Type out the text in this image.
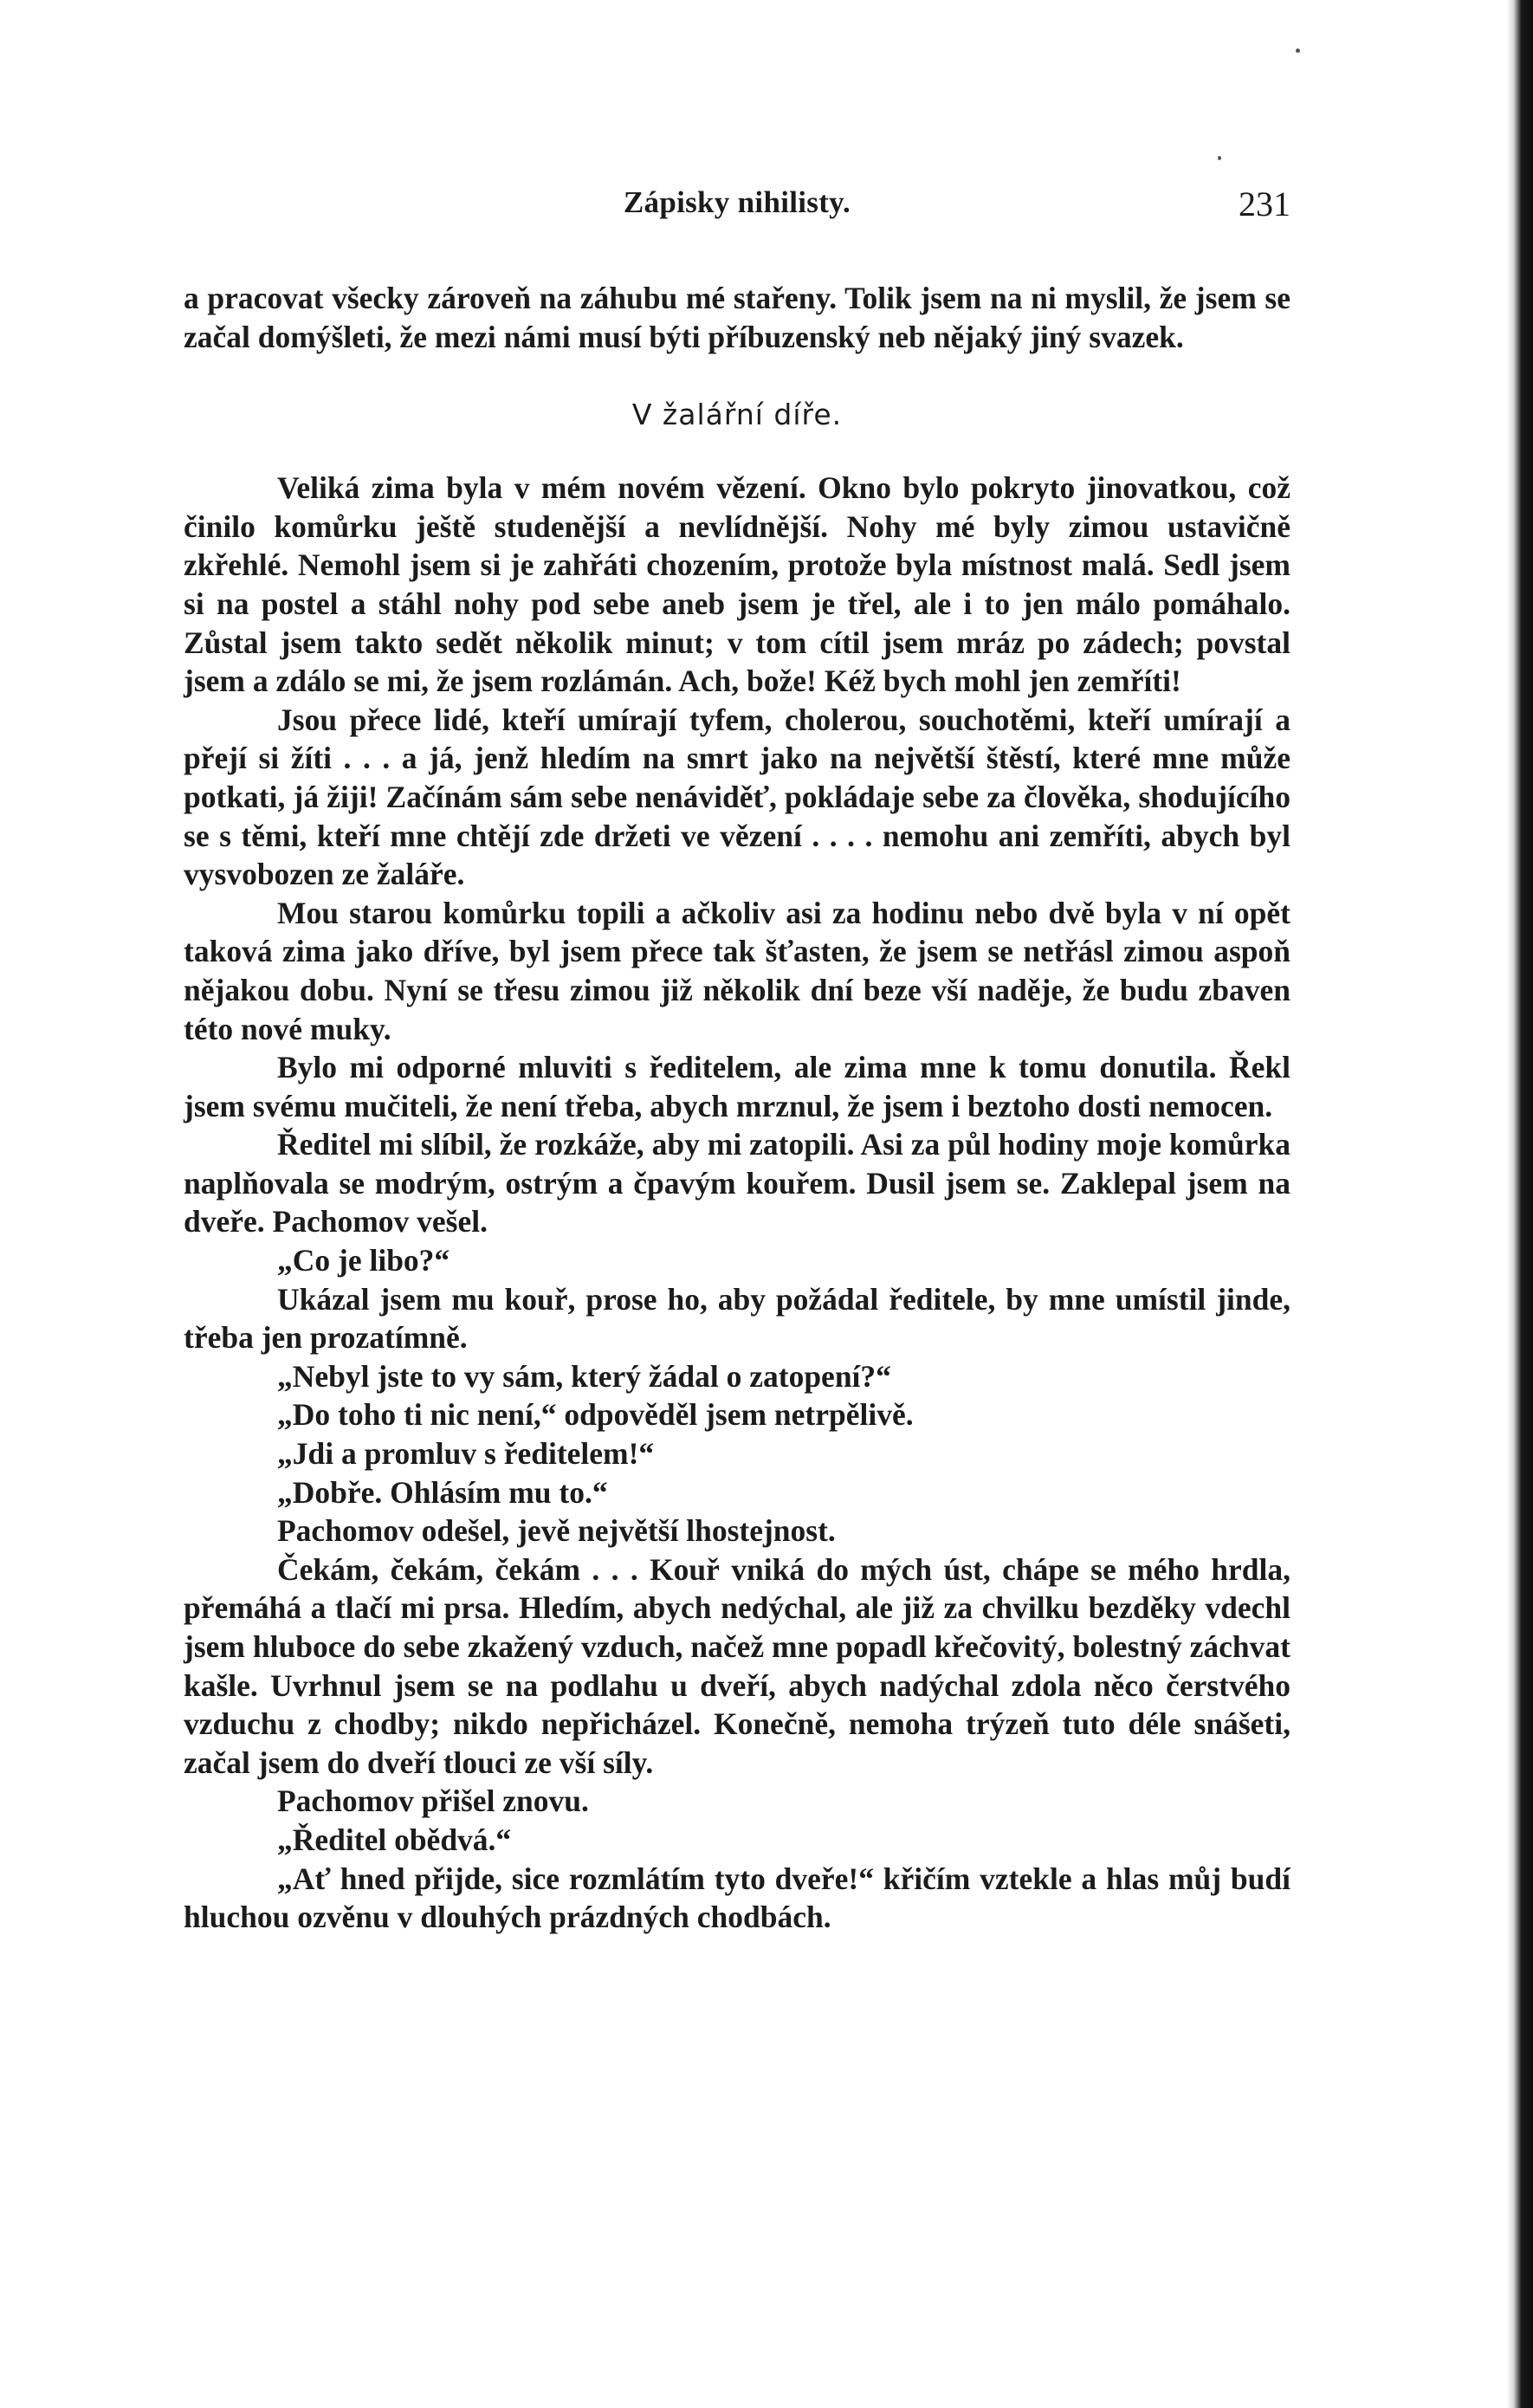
Zápisky nihilisty.	231

a pracovat všecky zároveň na záhubu mé stařeny. Tolik jsem na ni myslil, že jsem se začal domýšleti, že mezi námi musí býti příbuzenský neb nějaký jiný svazek.

V žalářní díře.

Veliká zima byla v mém novém vězení. Okno bylo pokryto jinovatkou, což činilo komůrku ještě studenější a nevlídnější. Nohy mé byly zimou ustavičně zkřehlé. Nemohl jsem si je zahřáti chozením, protože byla místnost malá. Sedl jsem si na postel a stáhl nohy pod sebe aneb jsem je třel, ale i to jen málo pomáhalo. Zůstal jsem takto sedět několik minut; v tom cítil jsem mráz po zádech; povstal jsem a zdálo se mi, že jsem rozlámán. Ach, bože! Kéž bych mohl jen zemříti!

Jsou přece lidé, kteří umírají tyfem, cholerou, souchotěmi, kteří umírají a přejí si žíti . . . a já, jenž hledím na smrt jako na největší štěstí, které mne může potkati, já žiji! Začínám sám sebe nenáviděť, pokládaje sebe za člověka, shodujícího se s těmi, kteří mne chtějí zde držeti ve vězení . . . . nemohu ani zemříti, abych byl vysvobozen ze žaláře.

Mou starou komůrku topili a ačkoliv asi za hodinu nebo dvě byla v ní opět taková zima jako dříve, byl jsem přece tak šťasten, že jsem se netřásl zimou aspoň nějakou dobu. Nyní se třesu zimou již několik dní beze vší naděje, že budu zbaven této nové muky.

Bylo mi odporné mluviti s ředitelem, ale zima mne k tomu donutila. Řekl jsem svému mučiteli, že není třeba, abych mrznul, že jsem i beztoho dosti nemocen.

Ředitel mi slíbil, že rozkáže, aby mi zatopili. Asi za půl hodiny moje komůrka naplňovala se modrým, ostrým a čpavým kouřem. Dusil jsem se. Zaklepal jsem na dveře. Pachomov vešel.

„Co je libo?“

Ukázal jsem mu kouř, prose ho, aby požádal ředitele, by mne umístil jinde, třeba jen prozatímně.

„Nebyl jste to vy sám, který žádal o zatopení?“

„Do toho ti nic není,“ odpověděl jsem netrpělivě.

„Jdi a promluv s ředitelem!“

„Dobře. Ohlásím mu to.“

Pachomov odešel, jevě největší lhostejnost.

Čekám, čekám, čekám . . . Kouř vniká do mých úst, chápe se mého hrdla, přemáhá a tlačí mi prsa. Hledím, abych nedýchal, ale již za chvilku bezděky vdechl jsem hluboce do sebe zkažený vzduch, načež mne popadl křečovitý, bolestný záchvat kašle. Uvrhnul jsem se na podlahu u dveří, abych nadýchal zdola něco čerstvého vzduchu z chodby; nikdo nepřicházel. Konečně, nemoha trýzeň tuto déle snášeti, začal jsem do dveří tlouci ze vší síly.

Pachomov přišel znovu.

„Ředitel obědvá.“

„Ať hned přijde, sice rozmlátím tyto dveře!“ křičím vztekle a hlas můj budí hluchou ozvěnu v dlouhých prázdných chodbách.
